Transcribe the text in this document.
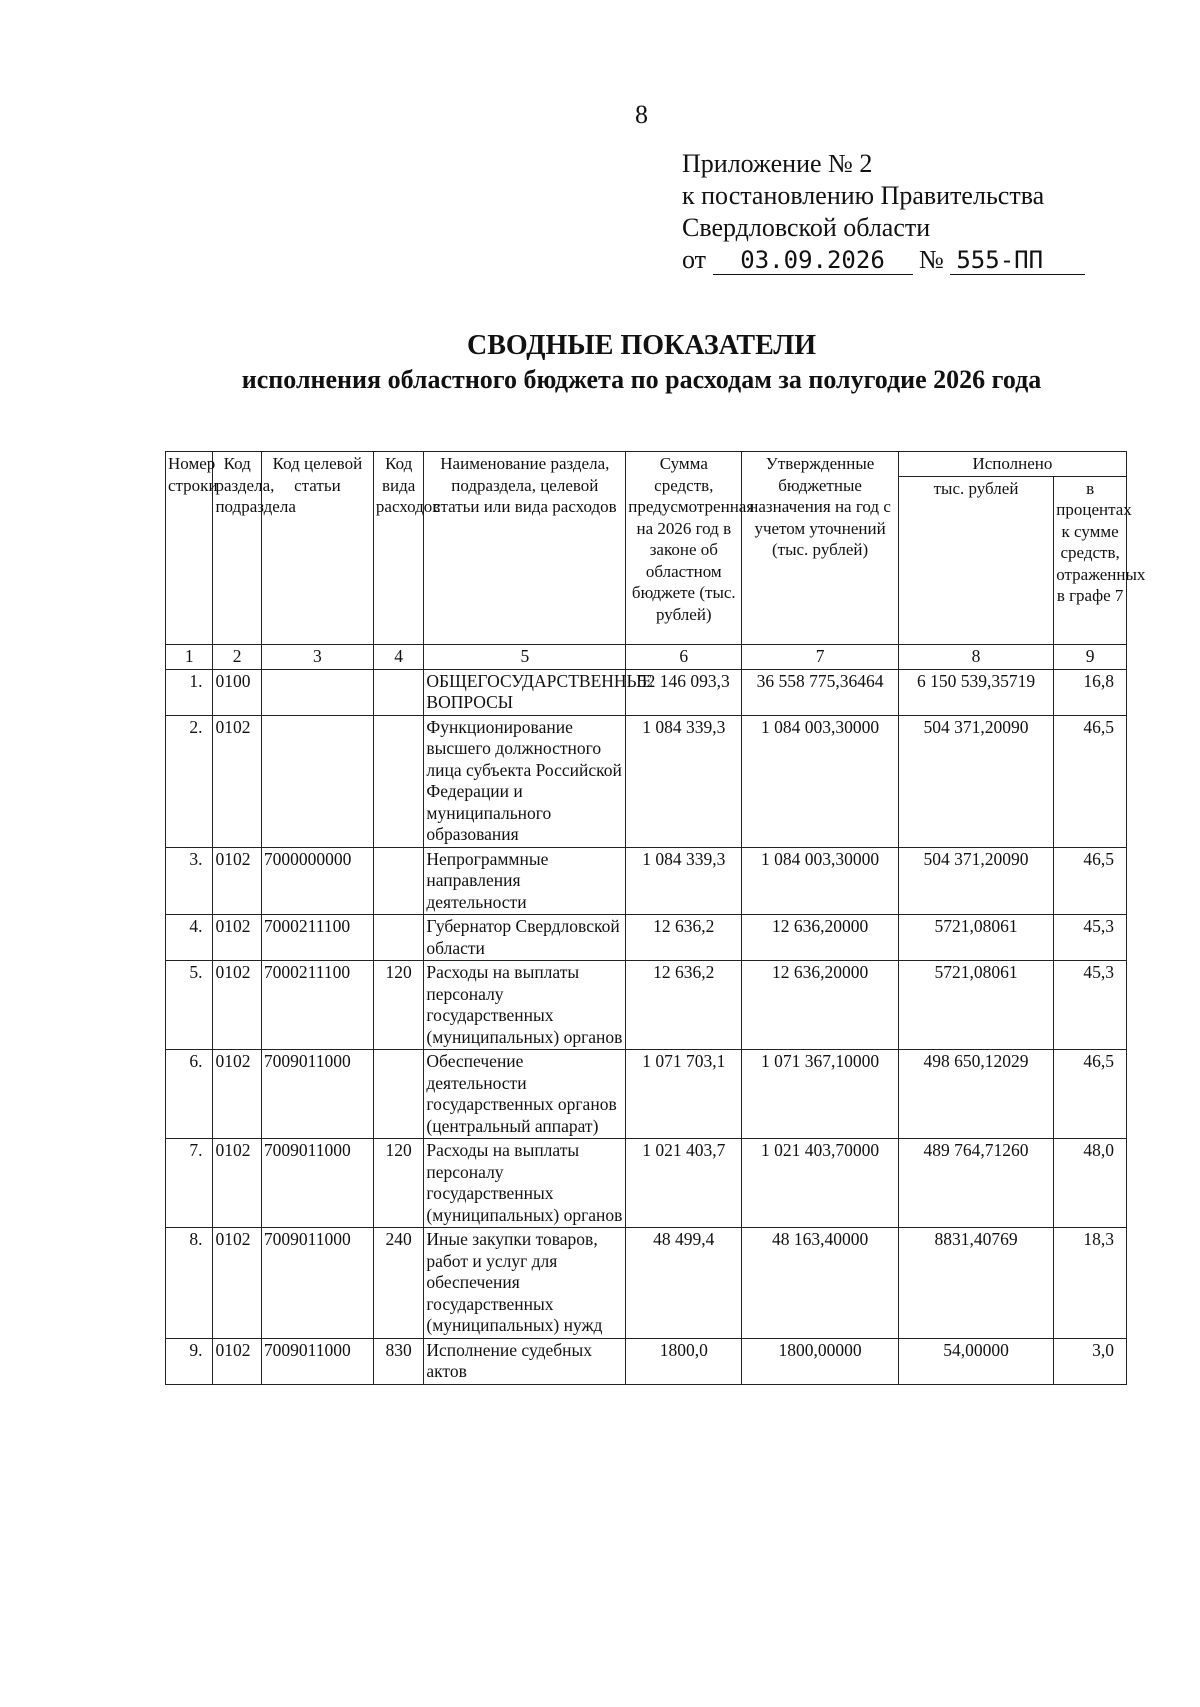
8
Приложение № 2
к постановлению Правительства
Свердловской области
от 03.09.2026 № 555-ПП
СВОДНЫЕ ПОКАЗАТЕЛИ
исполнения областного бюджета по расходам за полугодие 2026 года
Номер строки	Код раздела, подраздела	Код целевой статьи	Код вида расходов	Наименование раздела, подраздела, целевой статьи или вида расходов	Сумма средств, предусмотренная на 2026 год в законе об областном бюджете (тыс. рублей)	Утвержденные бюджетные назначения на год с учетом уточнений (тыс. рублей)	Исполнено	
							тыс. рублей	в процентах к сумме средств, отраженных в графе 7
1	2	3	4	5	6	7	8	9
1.	0100			ОБЩЕГОСУДАРСТВЕННЫЕ ВОПРОСЫ	52 146 093,3	36 558 775,36464	6 150 539,35719	16,8
2.	0102			Функционирование высшего должностного лица субъекта Российской Федерации и муниципального образования	1 084 339,3	1 084 003,30000	504 371,20090	46,5
3.	0102	7000000000		Непрограммные направления деятельности	1 084 339,3	1 084 003,30000	504 371,20090	46,5
4.	0102	7000211100		Губернатор Свердловской области	12 636,2	12 636,20000	5721,08061	45,3
5.	0102	7000211100	120	Расходы на выплаты персоналу государственных (муниципальных) органов	12 636,2	12 636,20000	5721,08061	45,3
6.	0102	7009011000		Обеспечение деятельности государственных органов (центральный аппарат)	1 071 703,1	1 071 367,10000	498 650,12029	46,5
7.	0102	7009011000	120	Расходы на выплаты персоналу государственных (муниципальных) органов	1 021 403,7	1 021 403,70000	489 764,71260	48,0
8.	0102	7009011000	240	Иные закупки товаров, работ и услуг для обеспечения государственных (муниципальных) нужд	48 499,4	48 163,40000	8831,40769	18,3
9.	0102	7009011000	830	Исполнение судебных актов	1800,0	1800,00000	54,00000	3,0
